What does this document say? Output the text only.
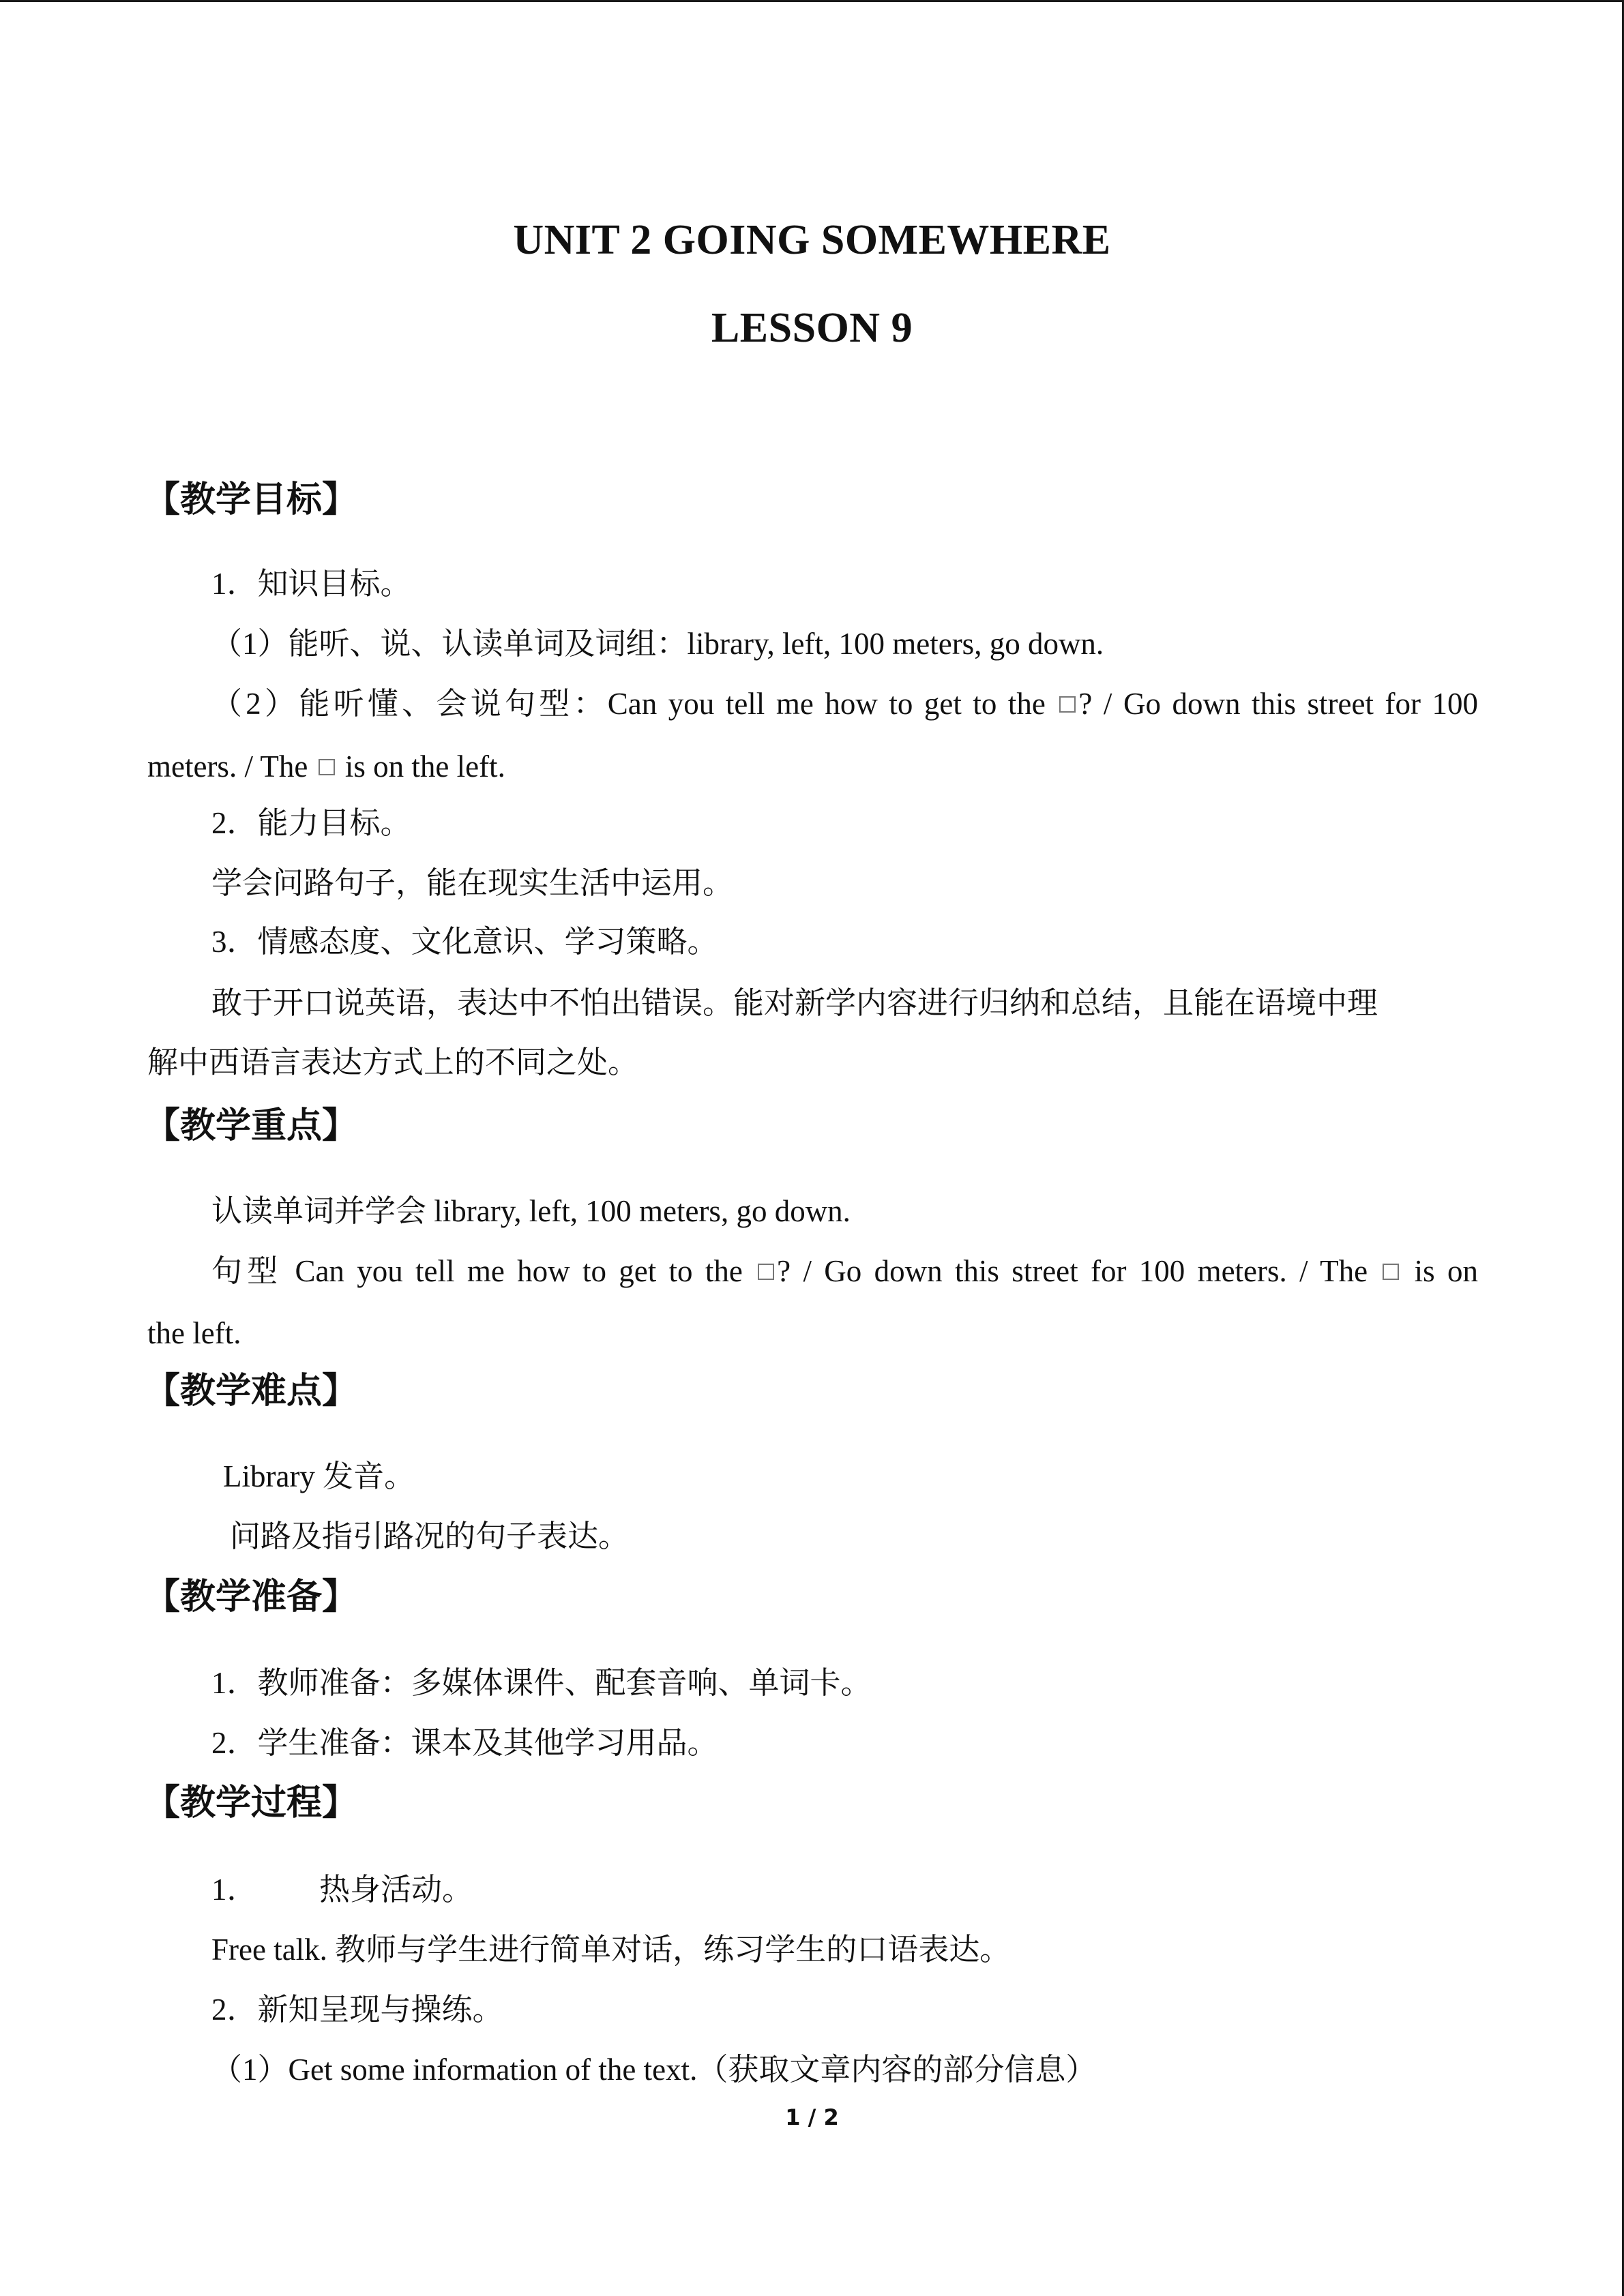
UNIT 2 GOING SOMEWHERE
LESSON 9
【教学目标】
1．知识目标。
（1）能听、说、认读单词及词组：library, left, 100 meters, go down.
（2）能听懂、会说句型：Can you tell me how to get to the ? / Go down this street for 100
meters. / The is on the left.
2．能力目标。
学会问路句子，能在现实生活中运用。
3．情感态度、文化意识、学习策略。
敢于开口说英语，表达中不怕出错误。能对新学内容进行归纳和总结，且能在语境中理
解中西语言表达方式上的不同之处。
【教学重点】
认读单词并学会 library, left, 100 meters, go down.
句型 Can you tell me how to get to the ? / Go down this street for 100 meters. / The is on
the left.
【教学难点】
Library 发音。
问路及指引路况的句子表达。
【教学准备】
1．教师准备：多媒体课件、配套音响、单词卡。
2．学生准备：课本及其他学习用品。
【教学过程】
1． 热身活动。
Free talk. 教师与学生进行简单对话，练习学生的口语表达。
2．新知呈现与操练。
（1）Get some information of the text.（获取文章内容的部分信息）
1 / 2
